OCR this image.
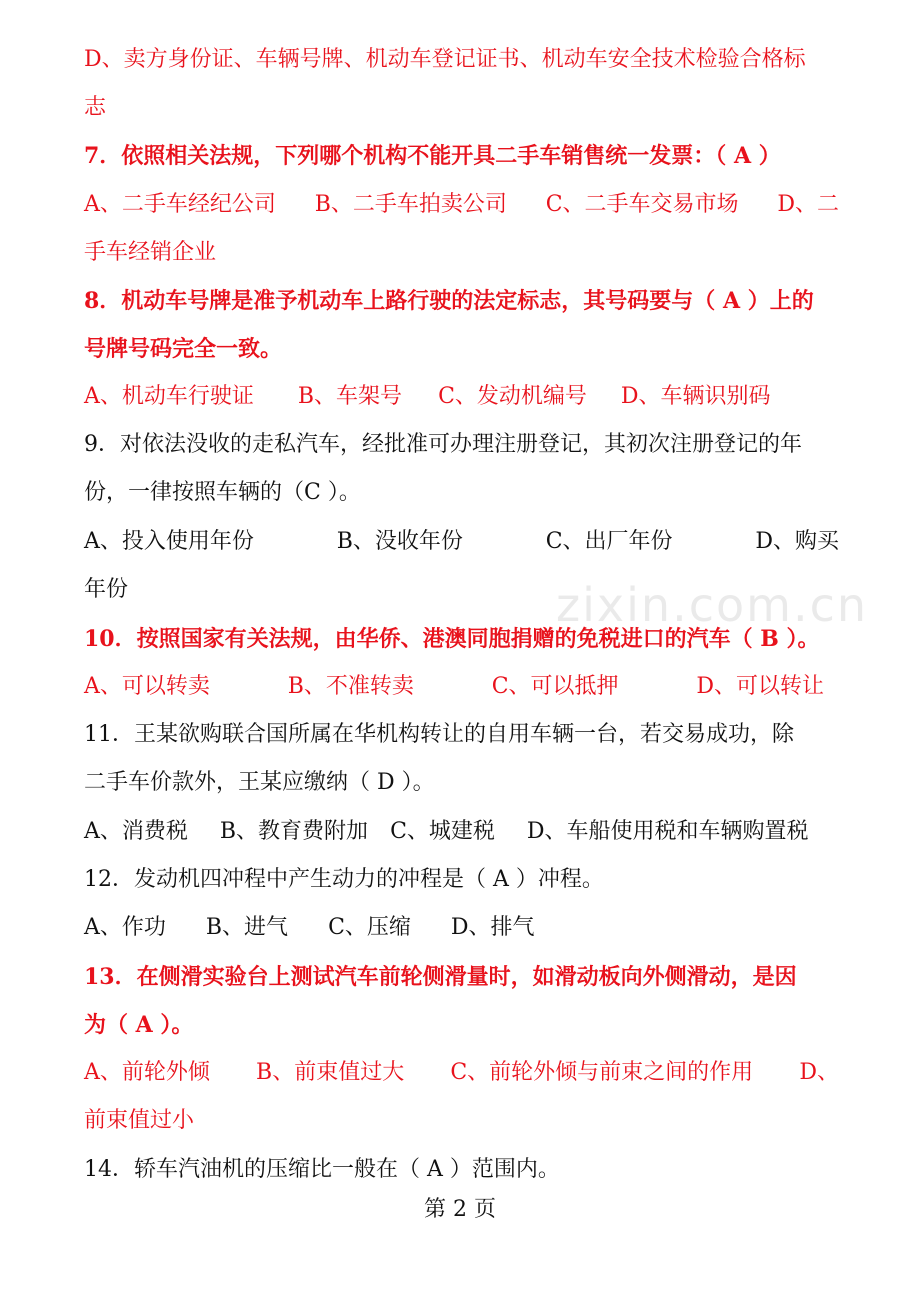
zixin.com.cn
D、卖方身份证、车辆号牌、机动车登记证书、机动车安全技术检验合格标
志
7．依照相关法规，下列哪个机构不能开具二手车销售统一发票：（ A ）
A、二手车经纪公司 B、二手车拍卖公司 C、二手车交易市场 D、二
手车经销企业
8．机动车号牌是准予机动车上路行驶的法定标志，其号码要与（ A ）上的
号牌号码完全一致。
A、机动车行驶证 B、车架号 C、发动机编号 D、车辆识别码
9．对依法没收的走私汽车，经批准可办理注册登记，其初次注册登记的年
份，一律按照车辆的（C ）。
A、投入使用年份	B、没收年份	C、出厂年份	D、购买
年份
10．按照国家有关法规，由华侨、港澳同胞捐赠的免税进口的汽车（ B ）。
A、可以转卖	B、不准转卖	C、可以抵押	D、可以转让
11．王某欲购联合国所属在华机构转让的自用车辆一台，若交易成功，除
二手车价款外，王某应缴纳（ D ）。
A、消费税 B、教育费附加 C、城建税 D、车船使用税和车辆购置税
12．发动机四冲程中产生动力的冲程是（ A ）冲程。
A、作功 B、进气 C、压缩 D、排气
13．在侧滑实验台上测试汽车前轮侧滑量时，如滑动板向外侧滑动，是因
为（ A ）。
A、前轮外倾 B、前束值过大 C、前轮外倾与前束之间的作用 D、
前束值过小
14．轿车汽油机的压缩比一般在（ A ）范围内。
第 2 页
